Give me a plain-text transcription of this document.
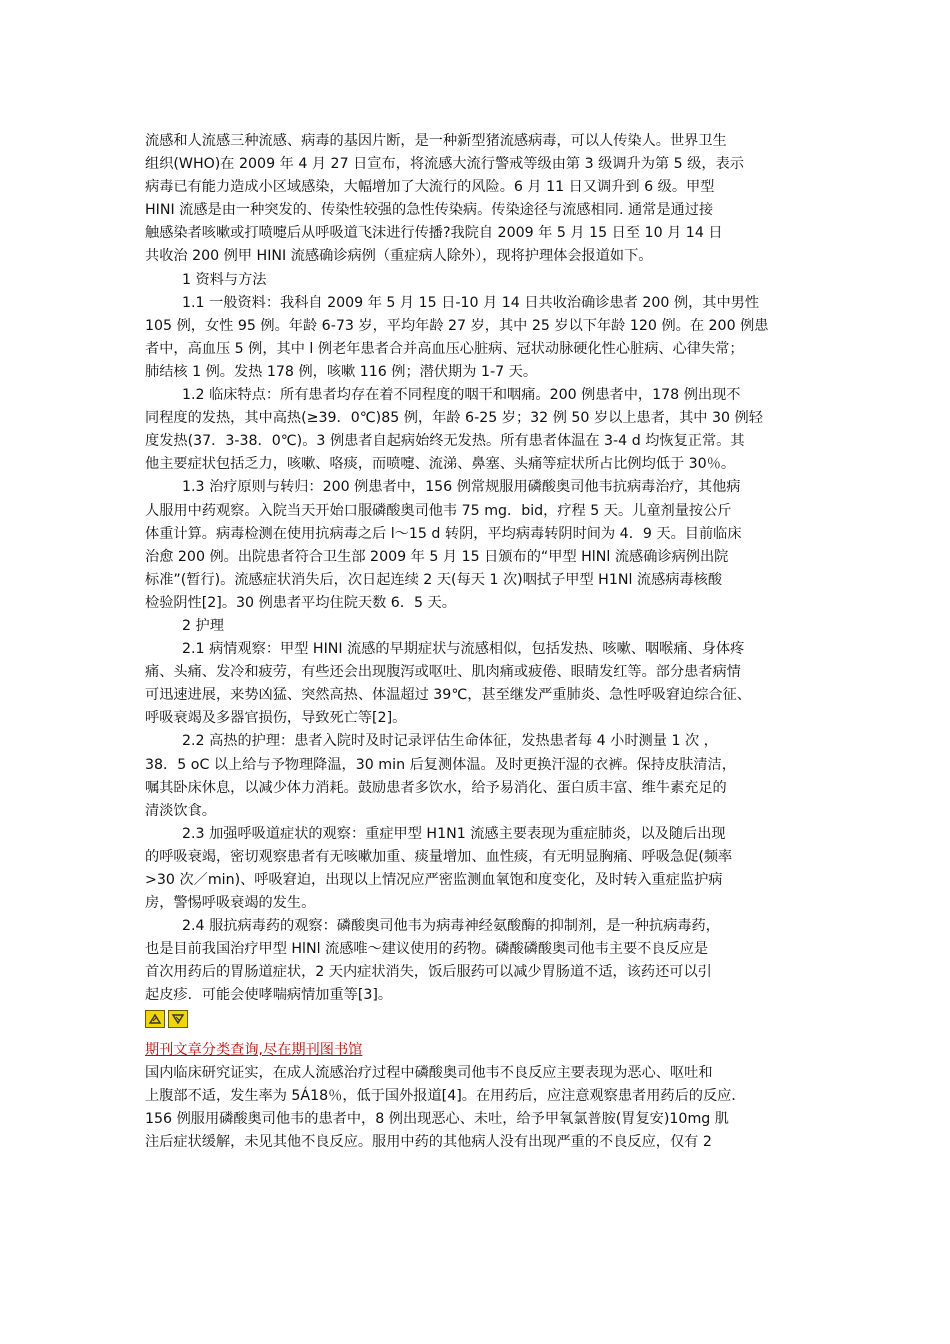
流感和人流感三种流感、病毒的基因片断，是一种新型猪流感病毒，可以人传染人。世界卫生
组织(WHO)在 2009 年 4 月 27 日宣布，将流感大流行警戒等级由第 3 级调升为第 5 级，表示
病毒已有能力造成小区域感染，大幅增加了大流行的风险。6 月 11 日又调升到 6 级。甲型
HINI 流感是由一种突发的、传染性较强的急性传染病。传染途径与流感相同. 通常是通过接
触感染者咳嗽或打喷嚏后从呼吸道飞沫进行传播?我院自 2009 年 5 月 15 日至 10 月 14 日
共收治 200 例甲 HINI 流感确诊病例（重症病人除外），现将护理体会报道如下。
1 资料与方法
1.1 一般资料：我科自 2009 年 5 月 15 日-10 月 14 日共收治确诊患者 200 例，其中男性
105 例，女性 95 例。年龄 6-73 岁，平均年龄 27 岁，其中 25 岁以下年龄 120 例。在 200 例患
者中，高血压 5 例，其中 l 例老年患者合并高血压心脏病、冠状动脉硬化性心脏病、心律失常；
肺结核 1 例。发热 178 例，咳嗽 116 例；潜伏期为 1-7 天。
1.2 临床特点：所有患者均存在着不同程度的咽干和咽痛。200 例患者中，178 例出现不
同程度的发热，其中高热(≥39．0℃)85 例，年龄 6-25 岁；32 例 50 岁以上患者，其中 30 例轻
度发热(37．3-38．0℃)。3 例患者自起病始终无发热。所有患者体温在 3-4 d 均恢复正常。其
他主要症状包括乏力，咳嗽、咯痰，而喷嚏、流涕、鼻塞、头痛等症状所占比例均低于 30％。
1.3 治疗原则与转归：200 例患者中，156 例常规服用磷酸奥司他韦抗病毒治疗，其他病
人服用中药观察。入院当天开始口服磷酸奥司他韦 75 mg．bid，疗程 5 天。儿童剂量按公斤
体重计算。病毒检测在使用抗病毒之后 l～15 d 转阴，平均病毒转阴时间为 4．9 天。目前临床
治愈 200 例。出院患者符合卫生部 2009 年 5 月 15 日颁布的“甲型 HlNl 流感确诊病例出院
标准”(暂行)。流感症状消失后，次日起连续 2 天(每天 1 次)咽拭子甲型 H1Nl 流感病毒核酸
检验阴性[2]。30 例患者平均住院天数 6．5 天。
2 护理
2.1 病情观察：甲型 HINI 流感的早期症状与流感相似，包括发热、咳嗽、咽喉痛、身体疼
痛、头痛、发冷和疲劳，有些还会出现腹泻或呕吐、肌肉痛或疲倦、眼睛发红等。部分患者病情
可迅速进展，来势凶猛、突然高热、体温超过 39℃，甚至继发严重肺炎、急性呼吸窘迫综合征、
呼吸衰竭及多器官损伤，导致死亡等[2]。
2.2 高热的护理：患者入院时及时记录评估生命体征，发热患者每 4 小时测量 1 次 ，
38．5 oC 以上给与予物理降温，30 min 后复测体温。及时更换汗湿的衣裤。保持皮肤清洁，
嘱其卧床休息，以减少体力消耗。鼓励患者多饮水，给予易消化、蛋白质丰富、维牛素充足的
清淡饮食。
2.3 加强呼吸道症状的观察：重症甲型 H1N1 流感主要表现为重症肺炎，以及随后出现
的呼吸衰竭，密切观察患者有无咳嗽加重、痰量增加、血性痰，有无明显胸痛、呼吸急促(频率
>30 次／min)、呼吸窘迫，出现以上情况应严密监测血氧饱和度变化，及时转入重症监护病
房，警惕呼吸衰竭的发生。
2.4 服抗病毒药的观察：磷酸奥司他韦为病毒神经氨酸酶的抑制剂，是一种抗病毒药，
也是目前我国治疗甲型 HlNl 流感唯～建议使用的药物。磷酸磷酸奥司他韦主要不良反应是
首次用药后的胃肠道症状，2 天内症状消失，饭后服药可以减少胃肠道不适，该药还可以引
起皮疹．可能会使哮喘病情加重等[3]。
期刊文章分类查询,尽在期刊图书馆
国内临床研究证实，在成人流感治疗过程中磷酸奥司他韦不良反应主要表现为恶心、呕吐和
上腹部不适，发生率为 5Á18％，低于国外报道[4]。在用药后，应注意观察患者用药后的反应．
156 例服用磷酸奥司他韦的患者中，8 例出现恶心、未吐，给予甲氧氯普胺(胃复安)10mg 肌
注后症状缓解，未见其他不良反应。服用中药的其他病人没有出现严重的不良反应，仅有 2
